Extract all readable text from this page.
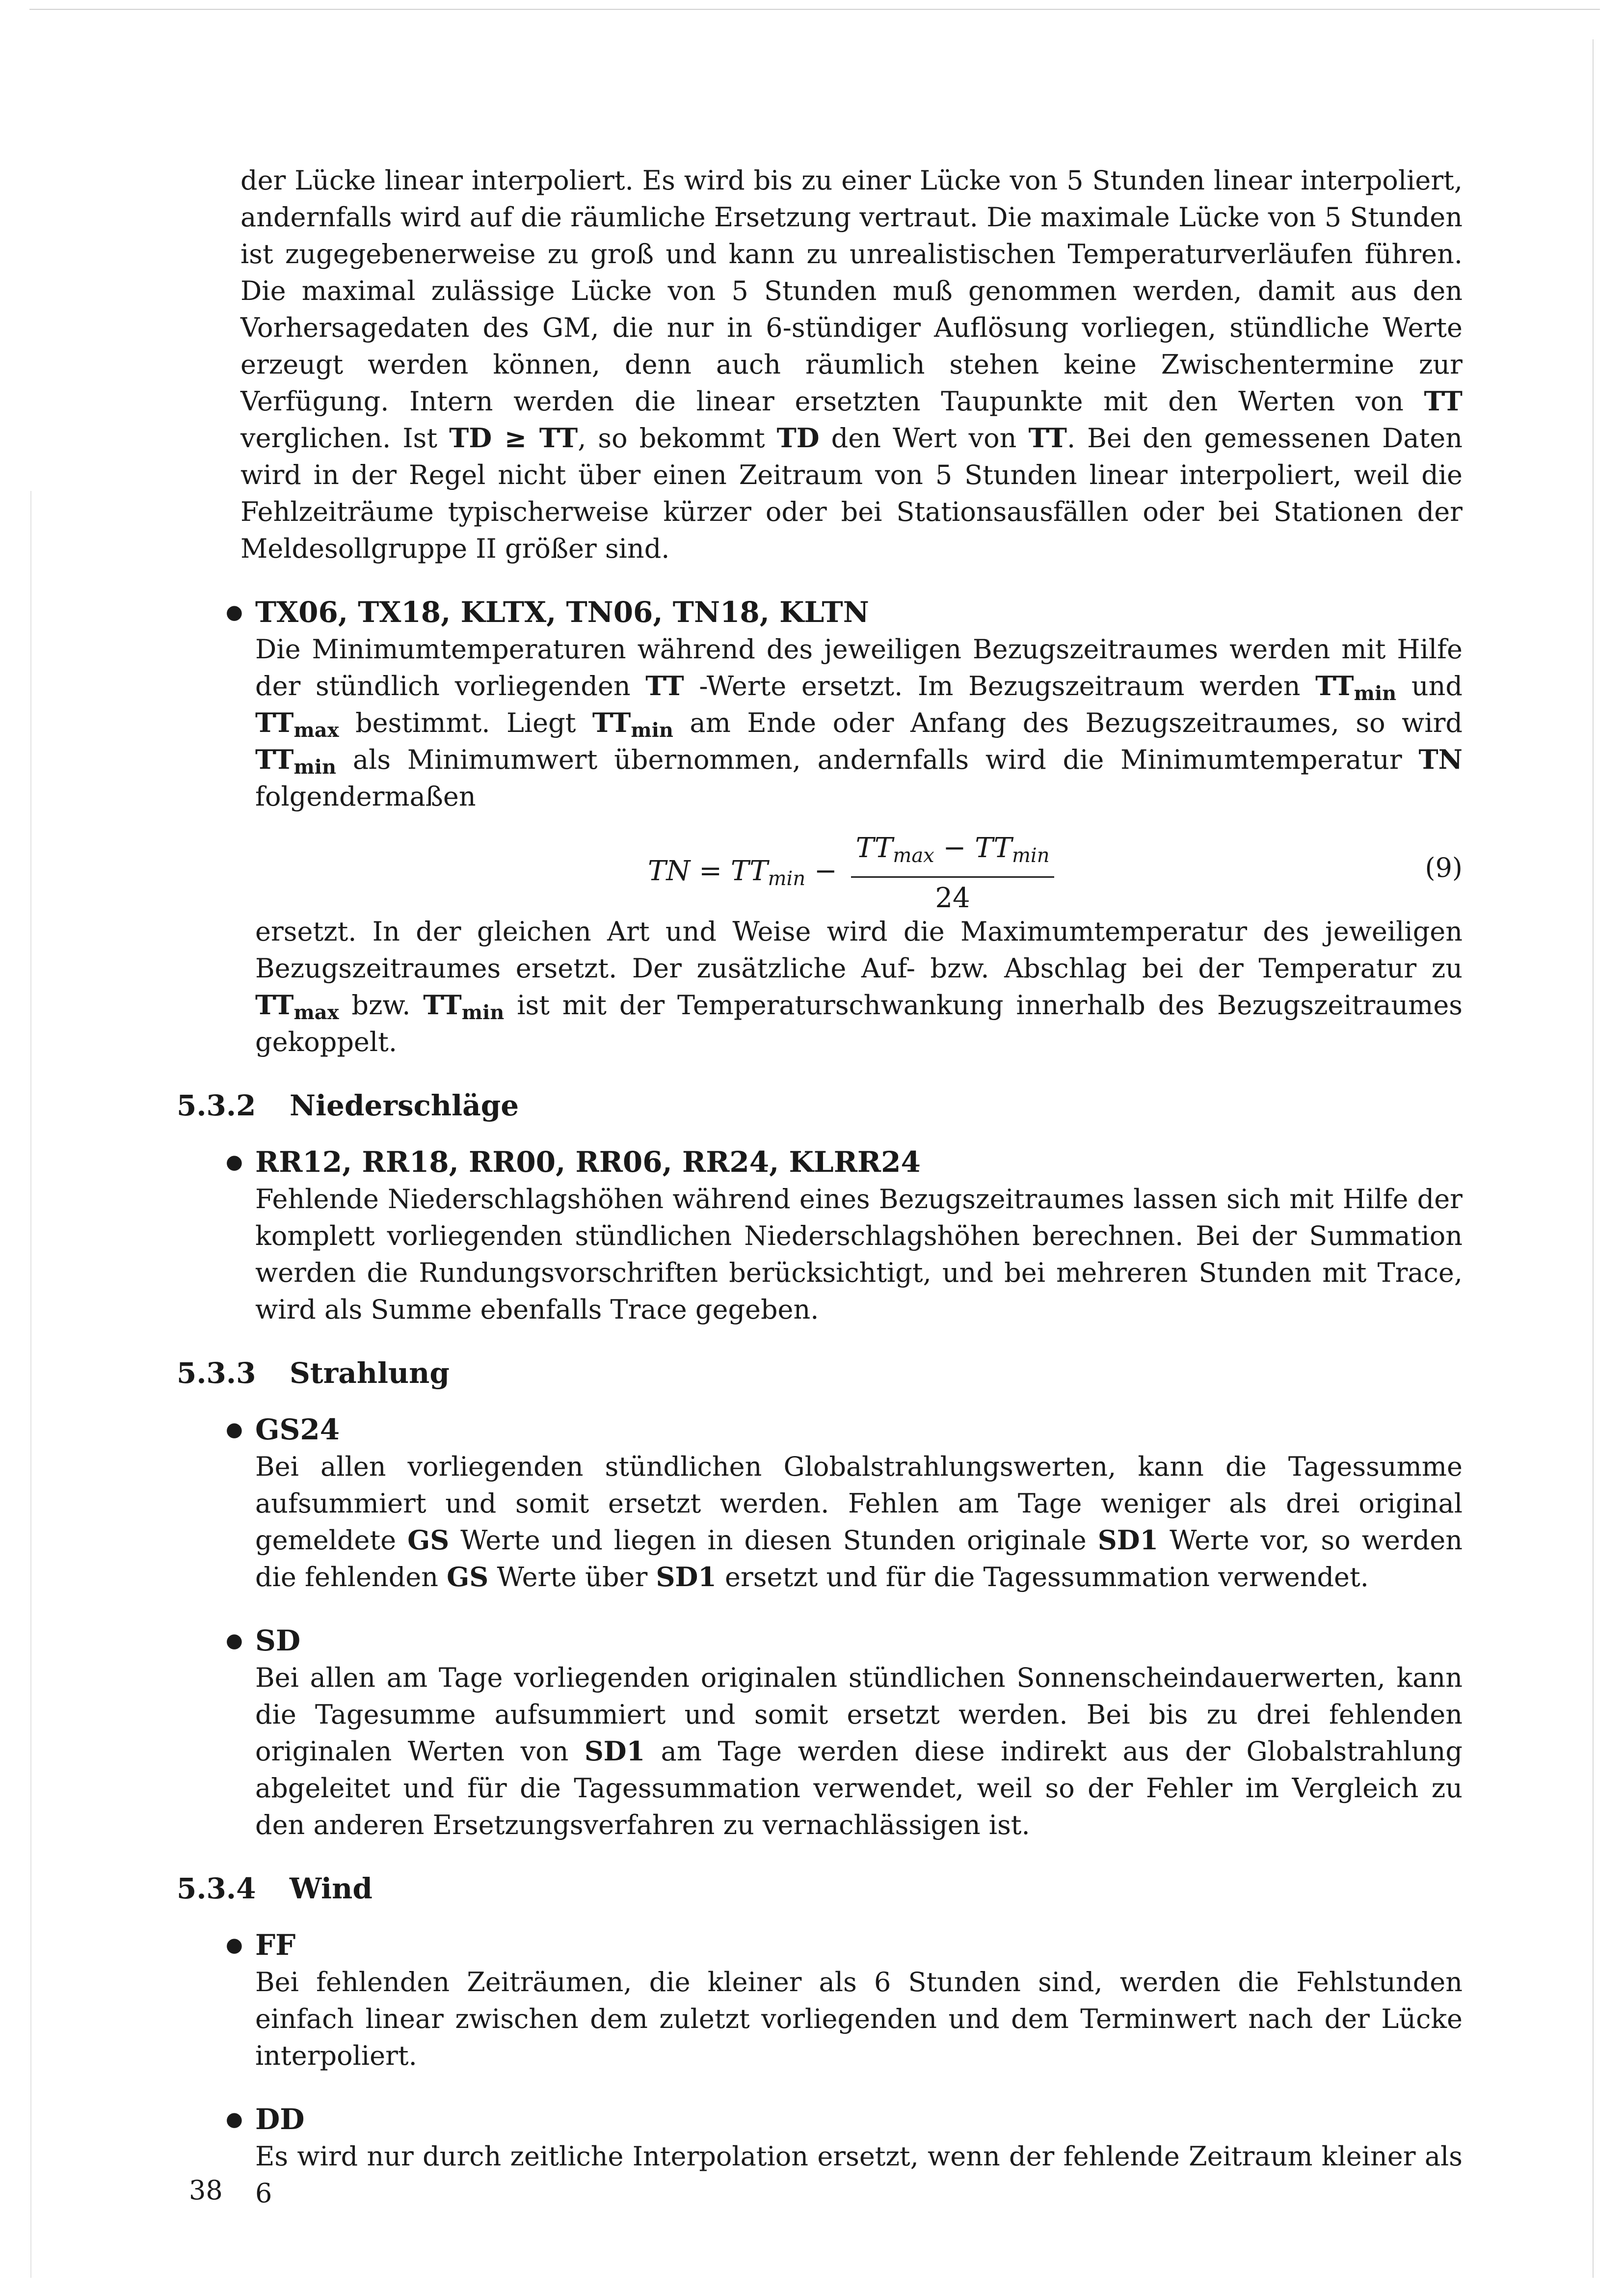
der Lücke linear interpoliert. Es wird bis zu einer Lücke von 5 Stunden linear interpoliert, andernfalls wird auf die räumliche Ersetzung vertraut. Die maximale Lücke von 5 Stunden ist zugegebenerweise zu groß und kann zu unrealistischen Temperaturverläufen führen. Die maximal zulässige Lücke von 5 Stunden muß genommen werden, damit aus den Vorhersagedaten des GM, die nur in 6-stündiger Auflösung vorliegen, stündliche Werte erzeugt werden können, denn auch räumlich stehen keine Zwischentermine zur Verfügung. Intern werden die linear ersetzten Taupunkte mit den Werten von TT verglichen. Ist TD ≥ TT, so bekommt TD den Wert von TT. Bei den gemessenen Daten wird in der Regel nicht über einen Zeitraum von 5 Stunden linear interpoliert, weil die Fehlzeiträume typischerweise kürzer oder bei Stationsausfällen oder bei Stationen der Meldesollgruppe II größer sind.

● TX06, TX18, KLTX, TN06, TN18, KLTN

Die Minimumtemperaturen während des jeweiligen Bezugszeitraumes werden mit Hilfe der stündlich vorliegenden TT -Werte ersetzt. Im Bezugszeitraum werden $TT_{min}$ und $TT_{max}$ bestimmt. Liegt $TT_{min}$ am Ende oder Anfang des Bezugszeitraumes, so wird $TT_{min}$ als Minimumwert übernommen, andernfalls wird die Minimumtemperatur TN folgendermaßen

TN = $TTmin - \frac{TTmax - TTmin}{24}$	(9)

ersetzt. In der gleichen Art und Weise wird die Maximumtemperatur des jeweiligen Bezugszeitraumes ersetzt. Der zusätzliche Auf- bzw. Abschlag bei der Temperatur zu $TT_{max}$ bzw. $TT_{min}$ ist mit der Temperaturschwankung innerhalb des Bezugszeitraumes gekoppelt.

5.3.2 Niederschläge
● RR12, RR18, RR00, RR06, RR24, KLRR24

Fehlende Niederschlagshöhen während eines Bezugszeitraumes lassen sich mit Hilfe der komplett vorliegenden stündlichen Niederschlagshöhen berechnen. Bei der Summation werden die Rundungsvorschriften berücksichtigt, und bei mehreren Stunden mit Trace, wird als Summe ebenfalls Trace gegeben.

5.3.3 Strahlung
● GS24

Bei allen vorliegenden stündlichen Globalstrahlungswerten, kann die Tagessumme aufsummiert und somit ersetzt werden. Fehlen am Tage weniger als drei original gemeldete GS Werte und liegen in diesen Stunden originale SD1 Werte vor, so werden die fehlenden GS Werte über SD1 ersetzt und für die Tagessummation verwendet.

● SD

Bei allen am Tage vorliegenden originalen stündlichen Sonnenscheindauerwerten, kann die Tagesumme aufsummiert und somit ersetzt werden. Bei bis zu drei fehlenden originalen Werten von SD1 am Tage werden diese indirekt aus der Globalstrahlung abgeleitet und für die Tagessummation verwendet, weil so der Fehler im Vergleich zu den anderen Ersetzungsverfahren zu vernachlässigen ist.

5.3.4 Wind
● FF

Bei fehlenden Zeiträumen, die kleiner als 6 Stunden sind, werden die Fehlstunden einfach linear zwischen dem zuletzt vorliegenden und dem Terminwert nach der Lücke interpoliert.

● DD

Es wird nur durch zeitliche Interpolation ersetzt, wenn der fehlende Zeitraum kleiner als 6

38
